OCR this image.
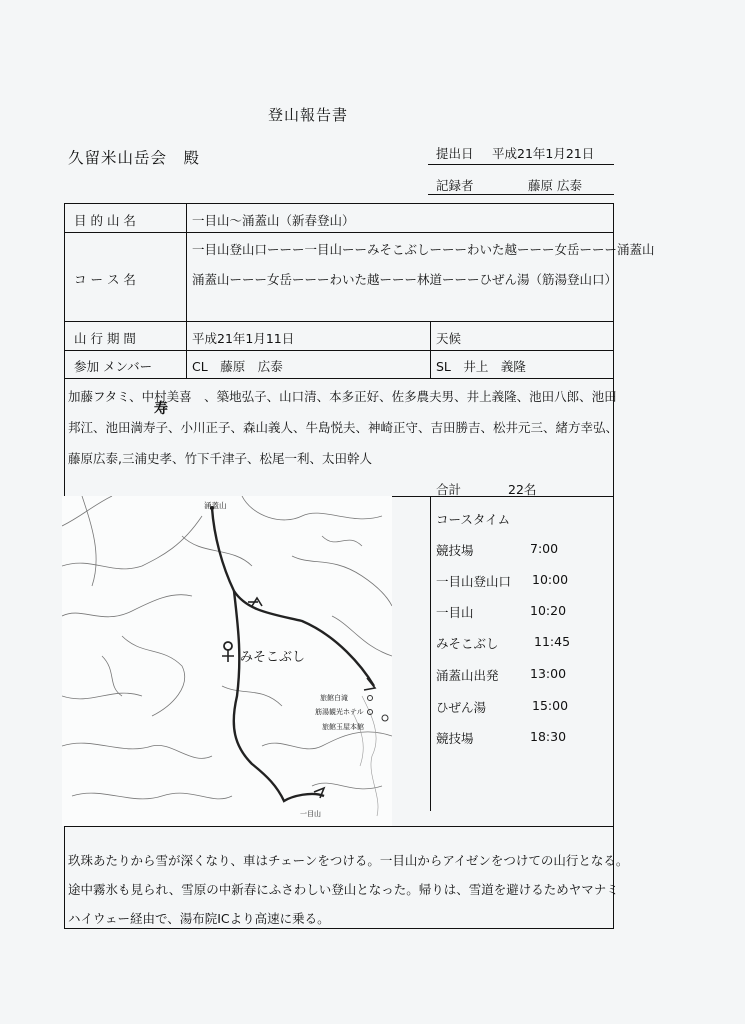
登山報告書
久留米山岳会　殿	提出日 平成21年1月21日
記録者	藤原 広泰
目 的 山 名	一目山～涌蓋山（新春登山）
コ ー ス 名
一目山登山口ーーー一目山ーーみそこぶしーーーわいた越ーーー女岳ーーー涌蓋山
涌蓋山ーーー女岳ーーーわいた越ーーー林道ーーーひぜん湯（筋湯登山口）
山 行 期 間	平成21年1月11日	天候
参加 メンバー	CL　藤原　広泰	SL　井上　義隆
加藤フタミ、中村美喜　、築地弘子、山口清、本多正好、佐多農夫男、井上義隆、池田八郎、池田
寿
邦江、池田満寿子、小川正子、森山義人、牛島悦夫、神崎正守、吉田勝吉、松井元三、緒方幸弘、
藤原広泰,三浦史孝、竹下千津子、松尾一利、太田幹人
合計	22名
コースタイム
競技場	7:00
一目山登山口 10:00
一目山	10:20
みそこぶし	11:45
涌蓋山出発	13:00
ひぜん湯	15:00
競技場	18:30
涌蓋山
みそこぶし
旅館白滝
筋湯観光ホテル
旅館玉屋本館
一目山
玖珠あたりから雪が深くなり、車はチェーンをつける。一目山からアイゼンをつけての山行となる。
途中霧氷も見られ、雪原の中新春にふさわしい登山となった。帰りは、雪道を避けるためヤマナミ
ハイウェー経由で、湯布院ICより高速に乗る。
